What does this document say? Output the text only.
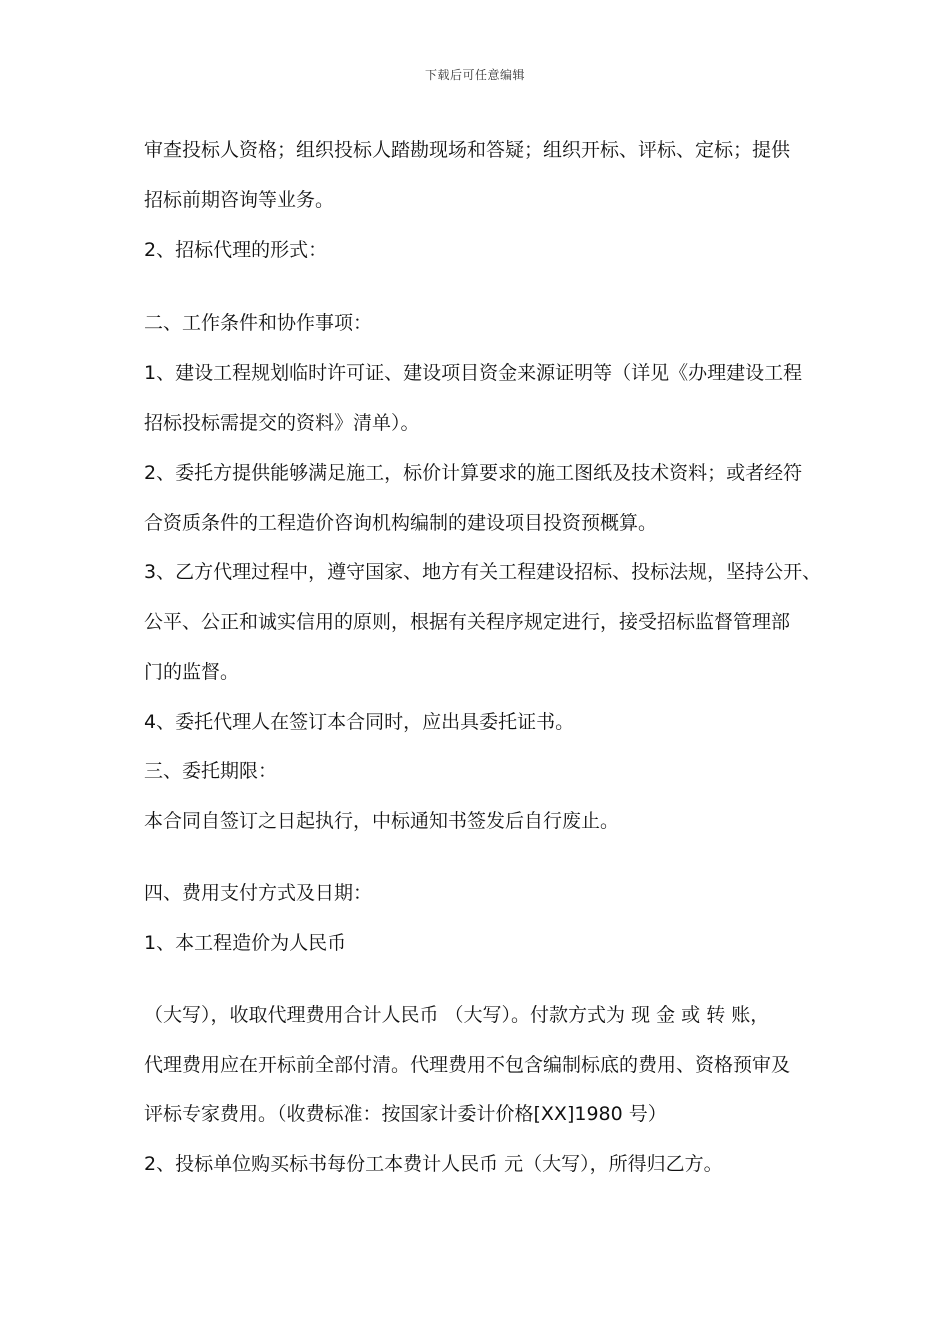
下载后可任意编辑
审查投标人资格；组织投标人踏勘现场和答疑；组织开标、评标、定标；提供
招标前期咨询等业务。
2、招标代理的形式：
二、工作条件和协作事项：
1、建设工程规划临时许可证、建设项目资金来源证明等（详见《办理建设工程
招标投标需提交的资料》清单）。
2、委托方提供能够满足施工，标价计算要求的施工图纸及技术资料；或者经符
合资质条件的工程造价咨询机构编制的建设项目投资预概算。
3、乙方代理过程中，遵守国家、地方有关工程建设招标、投标法规，坚持公开、
公平、公正和诚实信用的原则，根据有关程序规定进行，接受招标监督管理部
门的监督。
4、委托代理人在签订本合同时，应出具委托证书。
三、委托期限：
本合同自签订之日起执行，中标通知书签发后自行废止。
四、费用支付方式及日期：
1、本工程造价为人民币
（大写），收取代理费用合计人民币 （大写）。付款方式为 现 金 或 转 账，
代理费用应在开标前全部付清。代理费用不包含编制标底的费用、资格预审及
评标专家费用。（收费标准：按国家计委计价格[XX]1980 号）
2、投标单位购买标书每份工本费计人民币 元（大写），所得归乙方。
